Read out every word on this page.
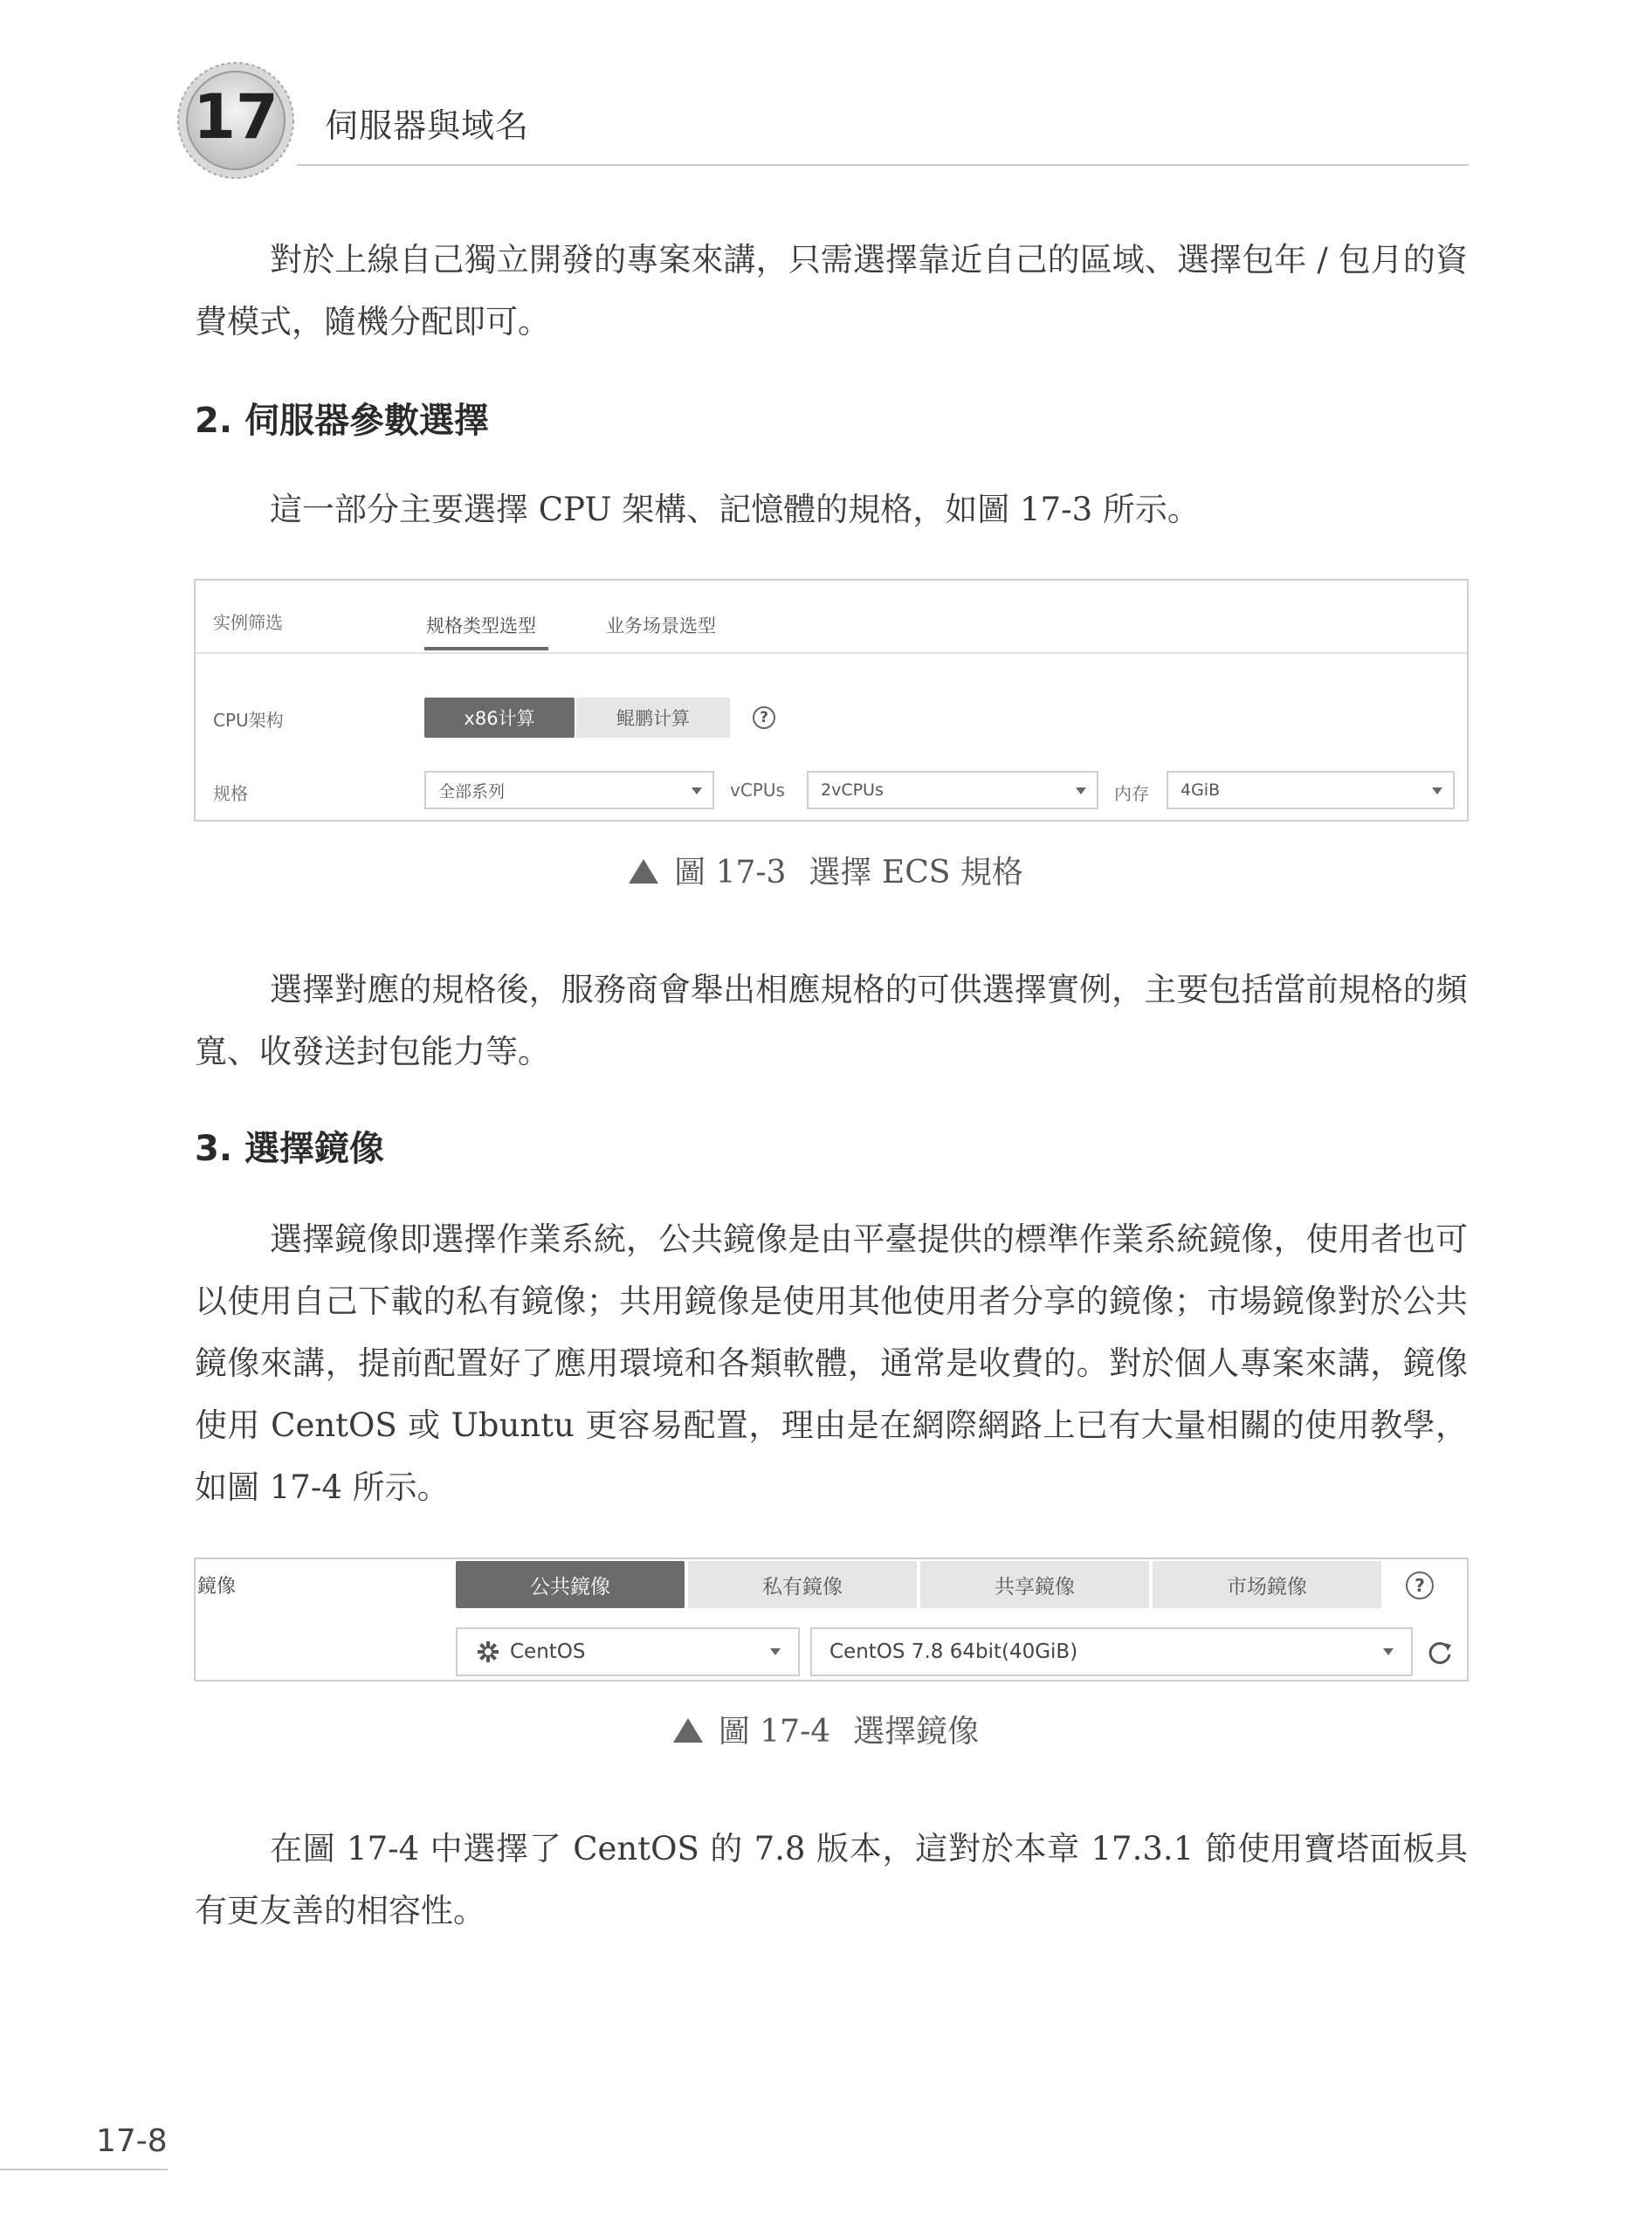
17	伺服器與域名

對於上線自己獨立開發的專案來講，只需選擇靠近自己的區域、選擇包年 / 包月的資費模式，隨機分配即可。

2. 伺服器參數選擇

這一部分主要選擇 CPU 架構、記憶體的規格，如圖 17-3 所示。

实例筛选	规格类型选型	业务场景选型
CPU架构	x86计算	鲲鹏计算	?
规格	全部系列	vCPUs 2vCPUs	内存 4GiB
圖 17-3 選擇 ECS 規格

選擇對應的規格後，服務商會舉出相應規格的可供選擇實例，主要包括當前規格的頻寬、收發送封包能力等。

3. 選擇鏡像

選擇鏡像即選擇作業系統，公共鏡像是由平臺提供的標準作業系統鏡像，使用者也可以使用自己下載的私有鏡像；共用鏡像是使用其他使用者分享的鏡像；市場鏡像對於公共鏡像來講，提前配置好了應用環境和各類軟體，通常是收費的。對於個人專案來講，鏡像使用 CentOS 或 Ubuntu 更容易配置，理由是在網際網路上已有大量相關的使用教學，如圖 17-4 所示。

鏡像	公共鏡像	私有鏡像	共享鏡像	市场鏡像	?
CentOS	CentOS 7.8 64bit(40GiB)
圖 17-4 選擇鏡像

在圖 17-4 中選擇了 CentOS 的 7.8 版本，這對於本章 17.3.1 節使用寶塔面板具有更友善的相容性。

17-8
